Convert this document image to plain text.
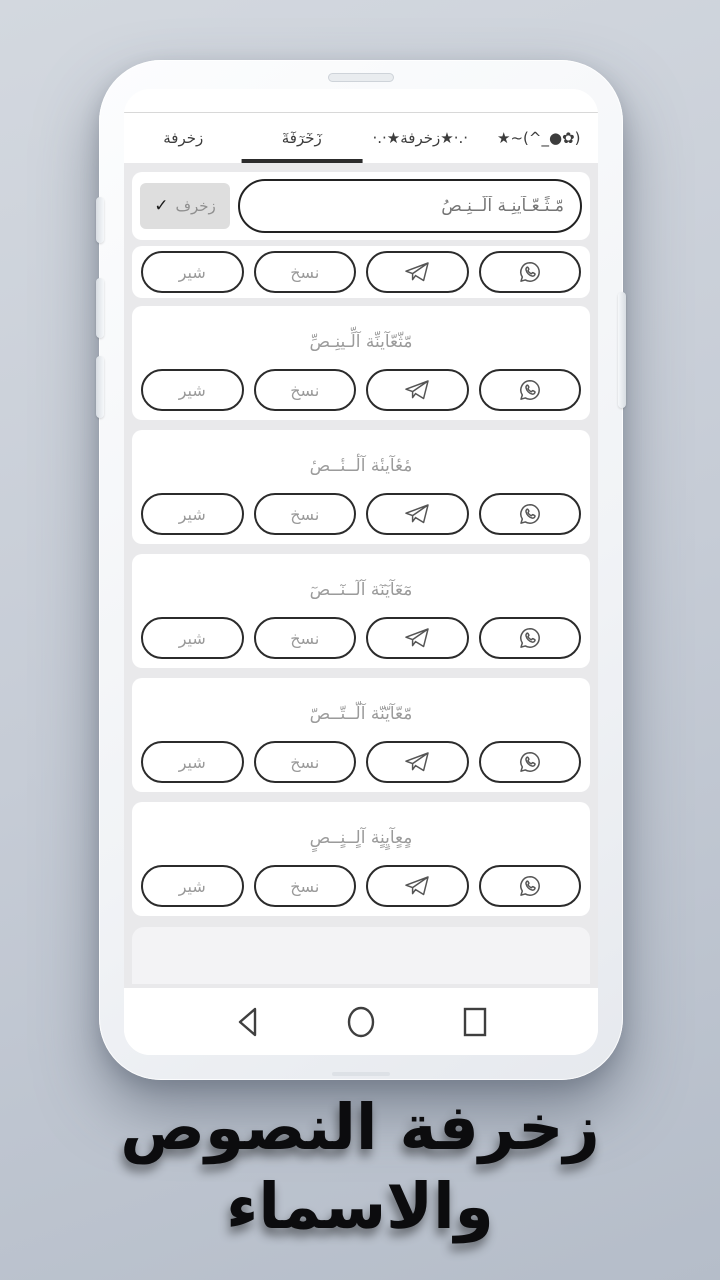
زخرفة	زٓخٓرٓفٓةٓ	·.·★زخرفة★·.·	★~(^_●✿)
✓ زخرف
مّـثًـعّـآينِـة آلّــنِـصُ
شير	نسخ
مّثّعّآينِّة آلِّـينِـصِّ
شير	نسخ
مٔعٔآينٔة آلٔــنٔــصٔ
شير	نسخ
مٓعٓآيٓنٓة آلٓــنٓــصٓ
شير	نسخ
مّعّآيّنّة آلّــتّــصّ
شير	نسخ
مٍعٍآيٍنٍة آلٍــنٍــصٍ
شير	نسخ
زخرفة النصوص
والاسماء
